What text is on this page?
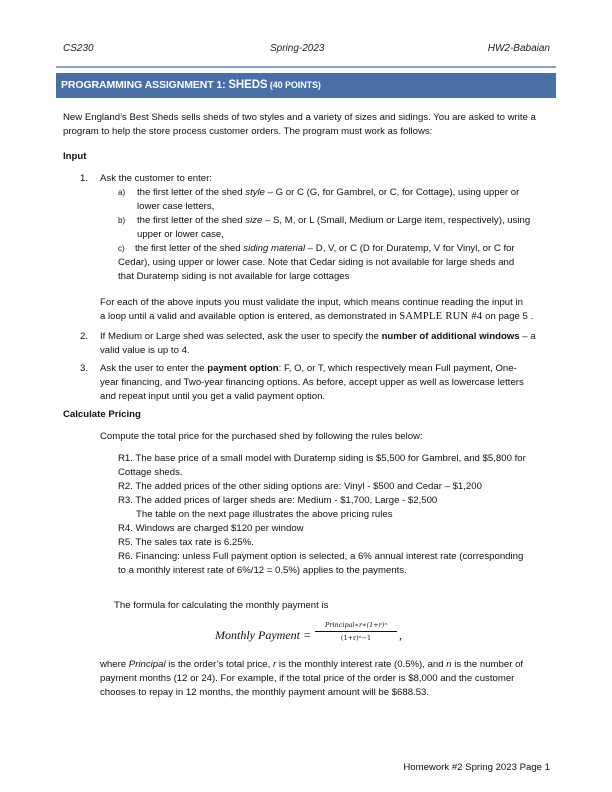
CS230	Spring-2023	HW2-Babaian
PROGRAMMING ASSIGNMENT 1: SHEDS (40 POINTS)
New England’s Best Sheds sells sheds of two styles and a variety of sizes and sidings. You are asked to write a
program to help the store process customer orders. The program must work as follows:
Input
1. Ask the customer to enter:
a) the first letter of the shed style – G or C (G, for Gambrel, or C, for Cottage), using upper or
lower case letters,
b) the first letter of the shed size – S, M, or L (Small, Medium or Large item, respectively), using
upper or lower case,
c) the first letter of the shed siding material – D, V, or C (D for Duratemp, V for Vinyl, or C for
Cedar), using upper or lower case. Note that Cedar siding is not available for large sheds and
that Duratemp siding is not available for large cottages
For each of the above inputs you must validate the input, which means continue reading the input in
a loop until a valid and available option is entered, as demonstrated in SAMPLE RUN #4 on page 5 .
2. If Medium or Large shed was selected, ask the user to specify the number of additional windows – a
valid value is up to 4.
3. Ask the user to enter the payment option: F, O, or T, which respectively mean Full payment, One-
year financing, and Two-year financing options. As before, accept upper as well as lowercase letters
and repeat input until you get a valid payment option.
Calculate Pricing
Compute the total price for the purchased shed by following the rules below:
R1. The base price of a small model with Duratemp siding is $5,500 for Gambrel, and $5,800 for
Cottage sheds.
R2. The added prices of the other siding options are: Vinyl - $500 and Cedar – $1,200
R3. The added prices of larger sheds are: Medium - $1,700, Large - $2,500
The table on the next page illustrates the above pricing rules
R4. Windows are charged $120 per window
R5. The sales tax rate is 6.25%.
R6. Financing: unless Full payment option is selected, a 6% annual interest rate (corresponding
to a monthly interest rate of 6%/12 = 0.5%) applies to the payments.
The formula for calculating the monthly payment is
Monthly Payment =
Principal∗r∗(1+r)ⁿ
(1+r)ⁿ−1	,
where Principal is the order’s total price, r is the monthly interest rate (0.5%), and n is the number of
payment months (12 or 24). For example, if the total price of the order is $8,000 and the customer
chooses to repay in 12 months, the monthly payment amount will be $688.53.
Homework #2 Spring 2023 Page 1
